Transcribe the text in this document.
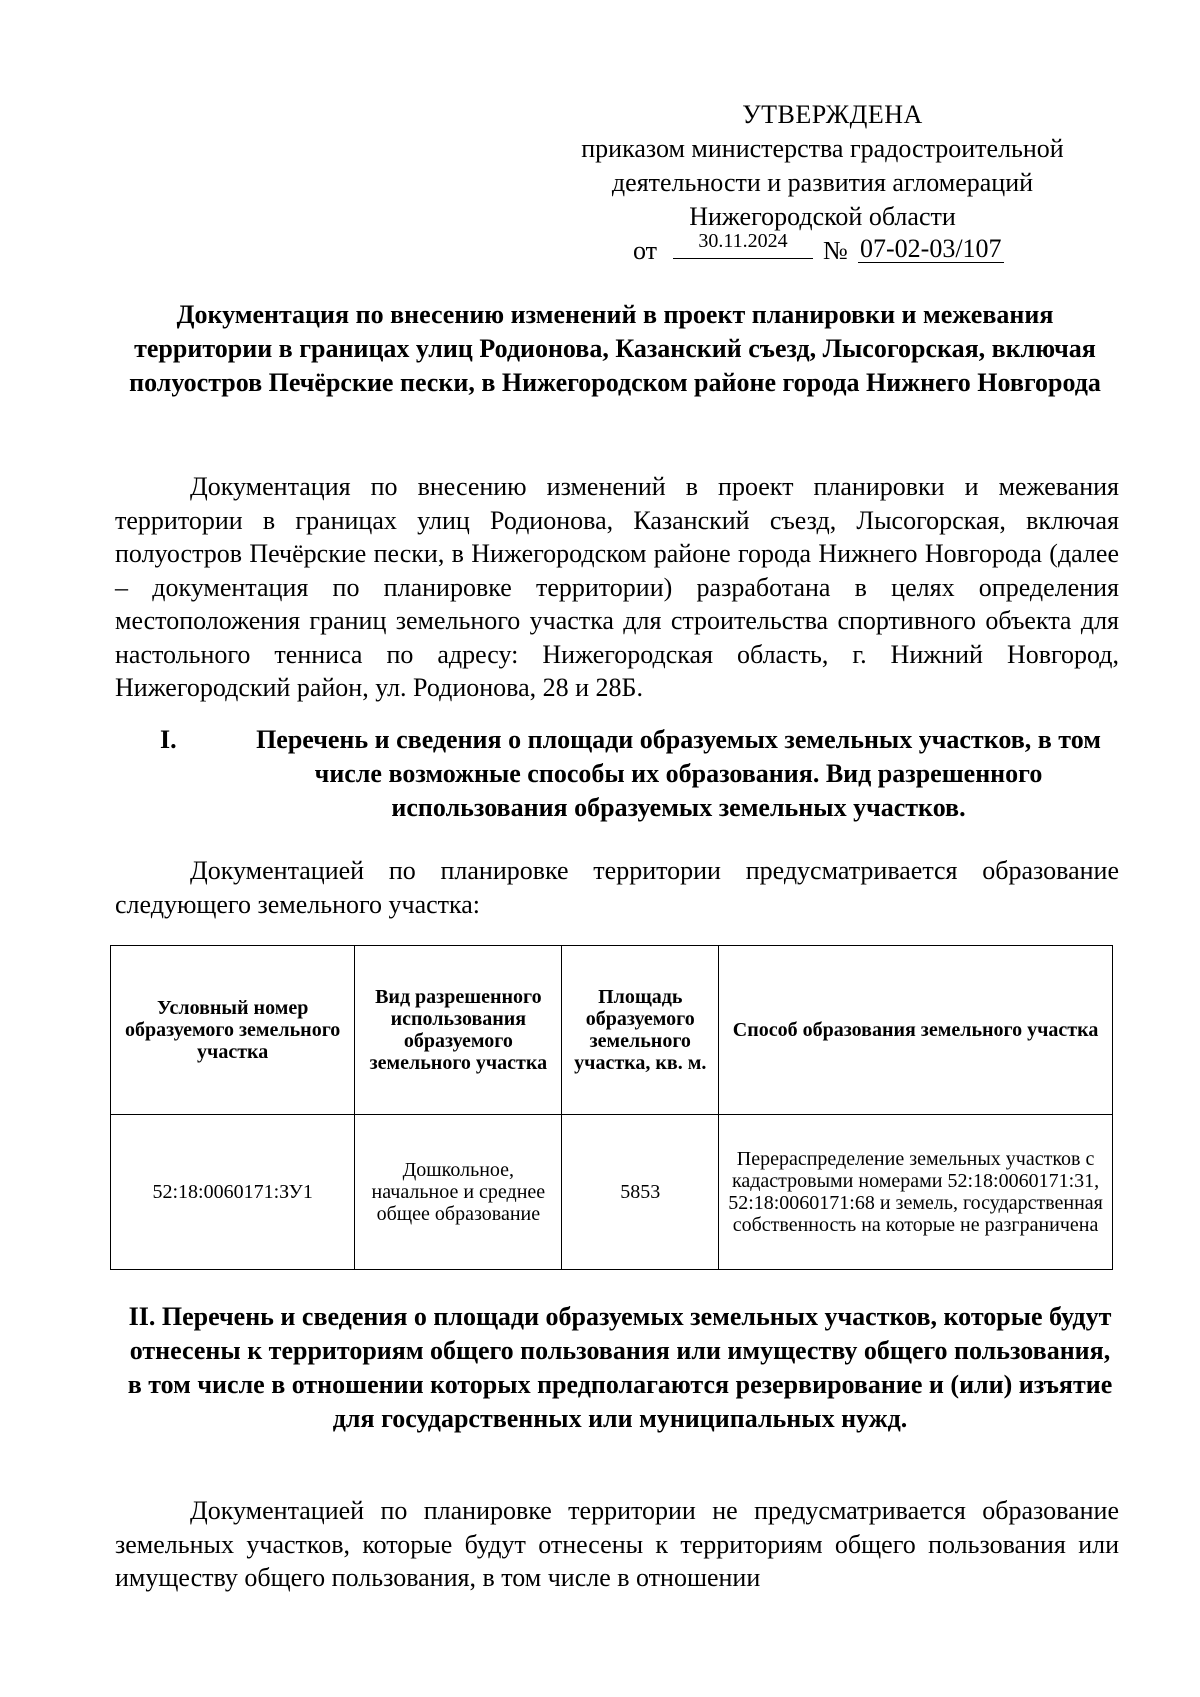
УТВЕРЖДЕНА
приказом министерства градостроительной
деятельности и развития агломераций
Нижегородской области
от	30.11.2024	№ 07-02-03/107
Документация по внесению изменений в проект планировки и межевания территории в границах улиц Родионова, Казанский съезд, Лысогорская, включая полуостров Печёрские пески, в Нижегородском районе города Нижнего Новгорода
Документация по внесению изменений в проект планировки и межевания территории в границах улиц Родионова, Казанский съезд, Лысогорская, включая полуостров Печёрские пески, в Нижегородском районе города Нижнего Новгорода (далее – документация по планировке территории) разработана в целях определения местоположения границ земельного участка для строительства спортивного объекта для настольного тенниса по адресу: Нижегородская область, г. Нижний Новгород, Нижегородский район, ул. Родионова, 28 и 28Б.
I.	Перечень и сведения о площади образуемых земельных участков, в том числе возможные способы их образования. Вид разрешенного использования образуемых земельных участков.
Документацией по планировке территории предусматривается образование следующего земельного участка:
Условный номер образуемого земельного участка	Вид разрешенного использования образуемого земельного участка	Площадь образуемого земельного участка, кв. м.	Способ образования земельного участка
52:18:0060171:ЗУ1	Дошкольное, начальное и среднее общее образование	5853	Перераспределение земельных участков с кадастровыми номерами 52:18:0060171:31, 52:18:0060171:68 и земель, государственная собственность на которые не разграничена
II. Перечень и сведения о площади образуемых земельных участков, которые будут отнесены к территориям общего пользования или имуществу общего пользования, в том числе в отношении которых предполагаются резервирование и (или) изъятие для государственных или муниципальных нужд.
Документацией по планировке территории не предусматривается образование земельных участков, которые будут отнесены к территориям общего пользования или имуществу общего пользования, в том числе в отношении
